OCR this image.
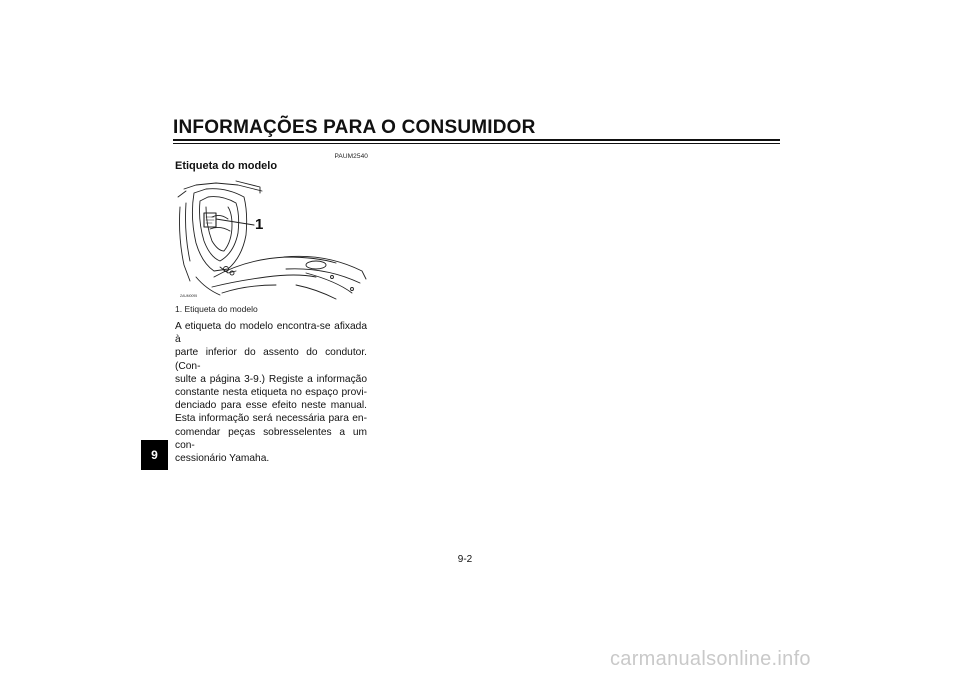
INFORMAÇÕES PARA O CONSUMIDOR
PAUM2540
Etiqueta do modelo
1
ZAUM0095
1. Etiqueta do modelo

A etiqueta do modelo encontra-se afixada à
parte inferior do assento do condutor. (Con-
sulte a página 3-9.) Registe a informação
constante nesta etiqueta no espaço provi-
denciado para esse efeito neste manual.
Esta informação será necessária para en-
comendar peças sobresselentes a um con-
cessionário Yamaha.

9
9-2
carmanualsonline.info
